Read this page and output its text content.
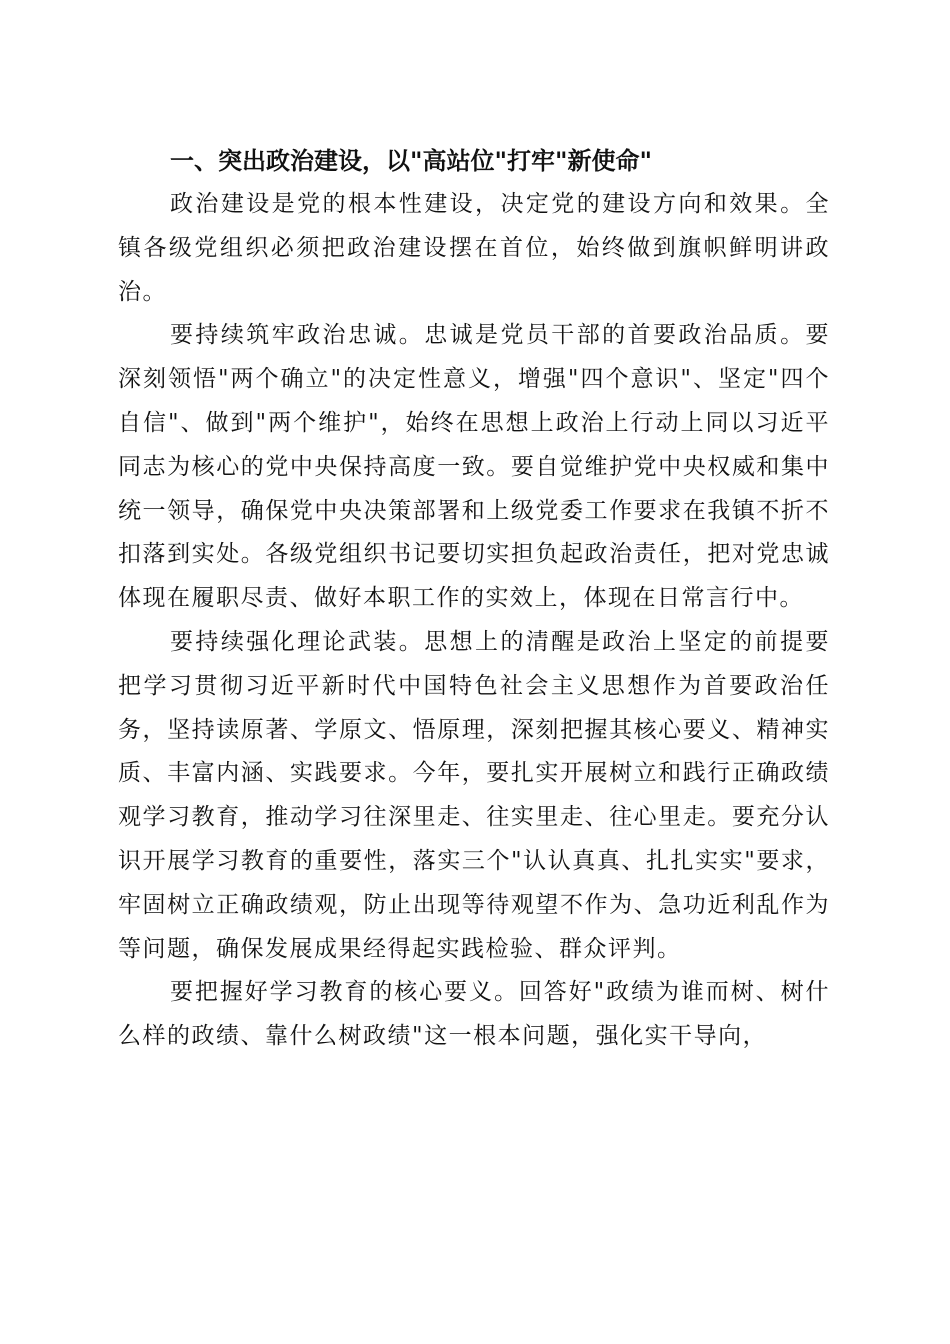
一、突出政治建设，以"高站位"打牢"新使命"

政治建设是党的根本性建设，决定党的建设方向和效果。全镇各级党组织必须把政治建设摆在首位，始终做到旗帜鲜明讲政治。

要持续筑牢政治忠诚。忠诚是党员干部的首要政治品质。要深刻领悟"两个确立"的决定性意义，增强"四个意识"、坚定"四个自信"、做到"两个维护"，始终在思想上政治上行动上同以习近平同志为核心的党中央保持高度一致。要自觉维护党中央权威和集中统一领导，确保党中央决策部署和上级党委工作要求在我镇不折不扣落到实处。各级党组织书记要切实担负起政治责任，把对党忠诚体现在履职尽责、做好本职工作的实效上，体现在日常言行中。

要持续强化理论武装。思想上的清醒是政治上坚定的前提要把学习贯彻习近平新时代中国特色社会主义思想作为首要政治任务，坚持读原著、学原文、悟原理，深刻把握其核心要义、精神实质、丰富内涵、实践要求。今年，要扎实开展树立和践行正确政绩观学习教育，推动学习往深里走、往实里走、往心里走。要充分认识开展学习教育的重要性，落实三个"认认真真、扎扎实实"要求，牢固树立正确政绩观，防止出现等待观望不作为、急功近利乱作为等问题，确保发展成果经得起实践检验、群众评判。

要把握好学习教育的核心要义。回答好"政绩为谁而树、树什么样的政绩、靠什么树政绩"这一根本问题，强化实干导向，
